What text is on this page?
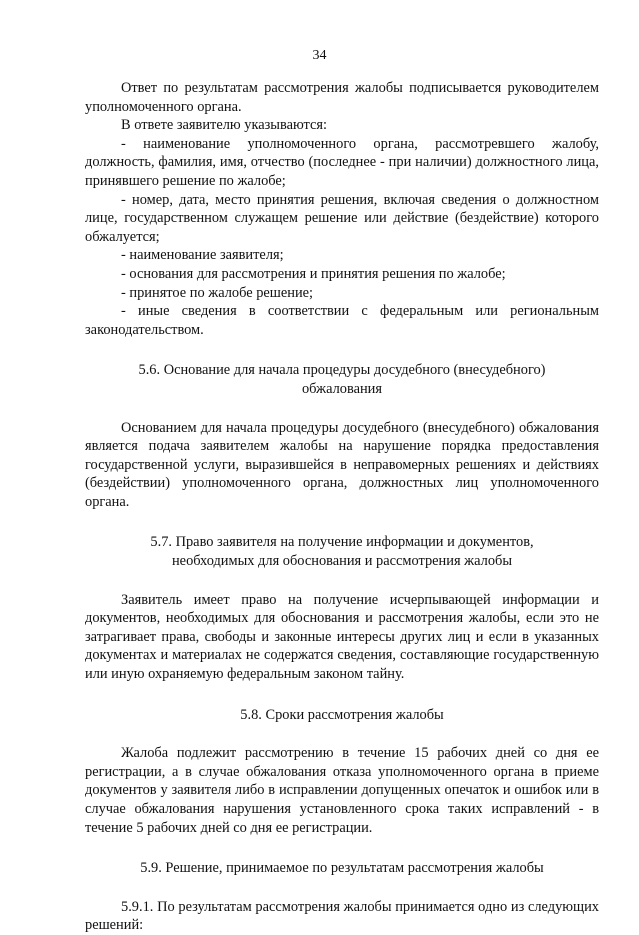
34

Ответ по результатам рассмотрения жалобы подписывается руководителем уполномоченного органа.

В ответе заявителю указываются:

- наименование уполномоченного органа, рассмотревшего жалобу, должность, фамилия, имя, отчество (последнее - при наличии) должностного лица, принявшего решение по жалобе;

- номер, дата, место принятия решения, включая сведения о должностном лице, государственном служащем решение или действие (бездействие) которого обжалуется;

- наименование заявителя;

- основания для рассмотрения и принятия решения по жалобе;

- принятое по жалобе решение;

- иные сведения в соответствии с федеральным или региональным законодательством.

5.6. Основание для начала процедуры досудебного (внесудебного)

обжалования

Основанием для начала процедуры досудебного (внесудебного) обжалования является подача заявителем жалобы на нарушение порядка предоставления государственной услуги, выразившейся в неправомерных решениях и действиях (бездействии) уполномоченного органа, должностных лиц уполномоченного органа.

5.7. Право заявителя на получение информации и документов,

необходимых для обоснования и рассмотрения жалобы

Заявитель имеет право на получение исчерпывающей информации и документов, необходимых для обоснования и рассмотрения жалобы, если это не затрагивает права, свободы и законные интересы других лиц и если в указанных документах и материалах не содержатся сведения, составляющие государственную или иную охраняемую федеральным законом тайну.

5.8. Сроки рассмотрения жалобы

Жалоба подлежит рассмотрению в течение 15 рабочих дней со дня ее регистрации, а в случае обжалования отказа уполномоченного органа в приеме документов у заявителя либо в исправлении допущенных опечаток и ошибок или в случае обжалования нарушения установленного срока таких исправлений - в течение 5 рабочих дней со дня ее регистрации.

5.9. Решение, принимаемое по результатам рассмотрения жалобы

5.9.1. По результатам рассмотрения жалобы принимается одно из следующих решений:
